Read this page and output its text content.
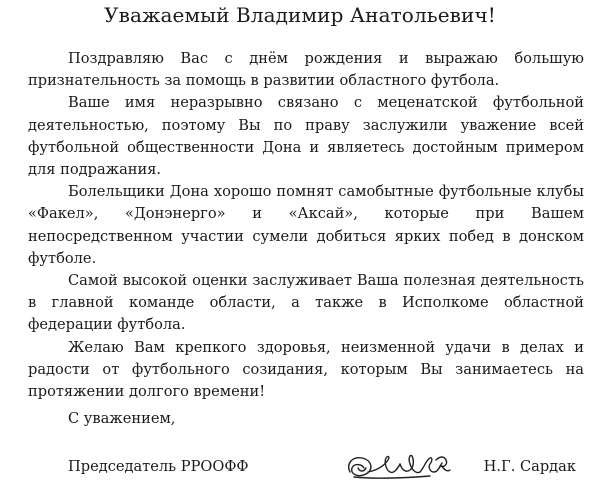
Уважаемый Владимир Анатольевич!

Поздравляю Вас с днём рождения и выражаю большую признательность за помощь в развитии областного футбола.

Ваше имя неразрывно связано с меценатской футбольной деятельностью, поэтому Вы по праву заслужили уважение всей футбольной общественности Дона и являетесь достойным примером для подражания.

Болельщики Дона хорошо помнят самобытные футбольные клубы «Факел», «Донэнерго» и «Аксай», которые при Вашем непосредственном участии сумели добиться ярких побед в донском футболе.

Самой высокой оценки заслуживает Ваша полезная деятельность в главной команде области, а также в Исполкоме областной федерации футбола.

Желаю Вам крепкого здоровья, неизменной удачи в делах и радости от футбольного созидания, которым Вы занимаетесь на протяжении долгого времени!

С уважением,

Председатель РРООФФ	Н.Г. Сардак
